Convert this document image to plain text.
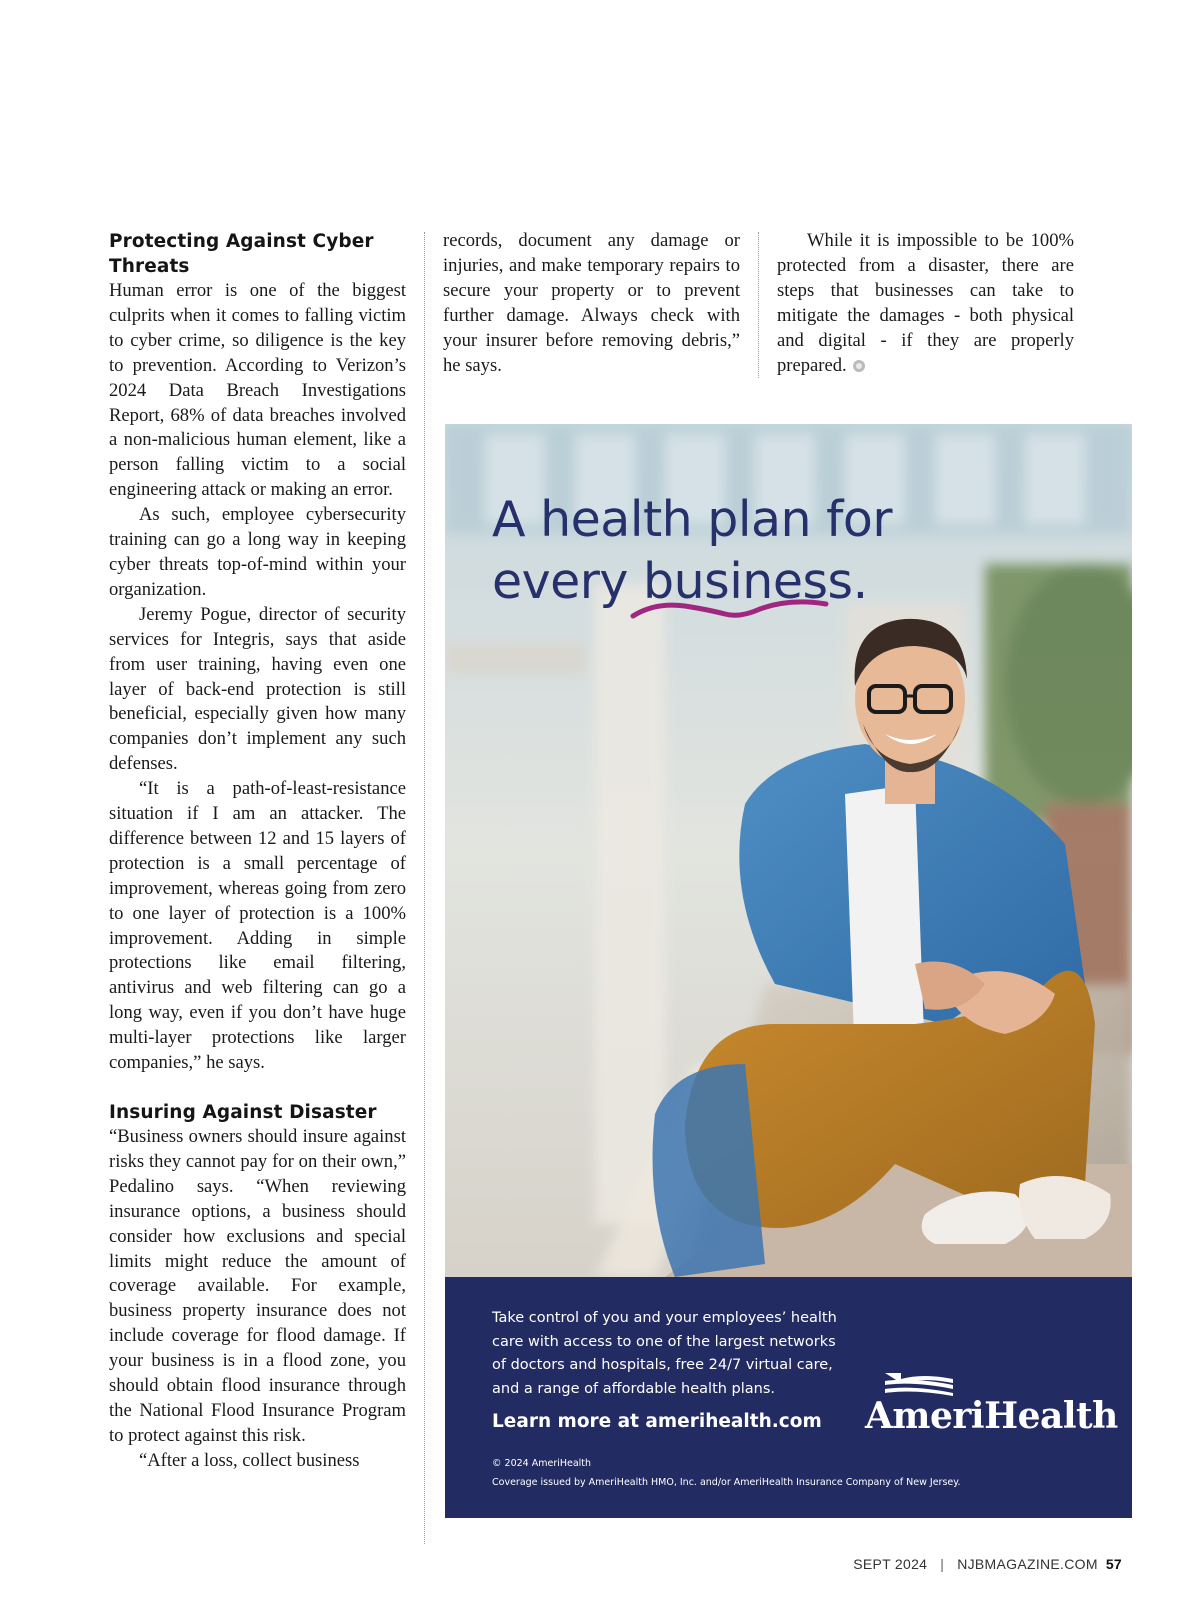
Protecting Against Cyber Threats

Human error is one of the biggest culprits when it comes to falling victim to cyber crime, so diligence is the key to prevention. According to Verizon’s 2024 Data Breach Investigations Report, 68% of data breaches involved a non-malicious human element, like a person falling victim to a social engineering attack or making an error.

As such, employee cybersecurity training can go a long way in keeping cyber threats top-of-mind within your organization.

Jeremy Pogue, director of security services for Integris, says that aside from user training, having even one layer of back-end protection is still beneficial, especially given how many companies don’t implement any such defenses.

“It is a path-of-least-resistance situation if I am an attacker. The difference between 12 and 15 layers of protection is a small percentage of improvement, whereas going from zero to one layer of protection is a 100% improvement. Adding in simple protections like email filtering, antivirus and web filtering can go a long way, even if you don’t have huge multi-layer protections like larger companies,” he says.

Insuring Against Disaster

“Business owners should insure against risks they cannot pay for on their own,” Pedalino says. “When reviewing insurance options, a business should consider how exclusions and special limits might reduce the amount of coverage available. For example, business property insurance does not include coverage for flood damage. If your business is in a flood zone, you should obtain flood insurance through the National Flood Insurance Program to protect against this risk.

“After a loss, collect business

records, document any damage or injuries, and make temporary repairs to secure your property or to prevent further damage. Always check with your insurer before removing debris,” he says.

While it is impossible to be 100% protected from a disaster, there are steps that businesses can take to mitigate the damages - both physical and digital - if they are properly prepared.

A health plan for
every business.
Take control of you and your employees’ health care with access to one of the largest networks of doctors and hospitals, free 24/7 virtual care, and a range of affordable health plans.
Learn more at amerihealth.com
© 2024 AmeriHealth
Coverage issued by AmeriHealth HMO, Inc. and/or AmeriHealth Insurance Company of New Jersey.
AmeriHealth
SEPT 2024 | NJBMAGAZINE.COM 57
